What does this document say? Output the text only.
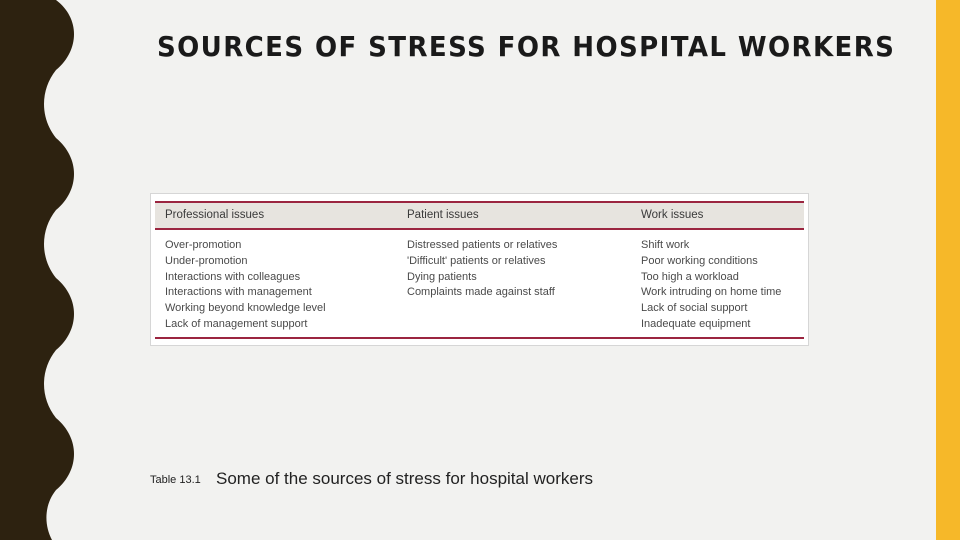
SOURCES OF STRESS FOR HOSPITAL WORKERS
Professional issues
Over-promotion
Under-promotion
Interactions with colleagues
Interactions with management
Working beyond knowledge level
Lack of management support
Patient issues
Distressed patients or relatives
'Difficult' patients or relatives
Dying patients
Complaints made against staff
Work issues
Shift work
Poor working conditions
Too high a workload
Work intruding on home time
Lack of social support
Inadequate equipment
Table 13.1 Some of the sources of stress for hospital workers
